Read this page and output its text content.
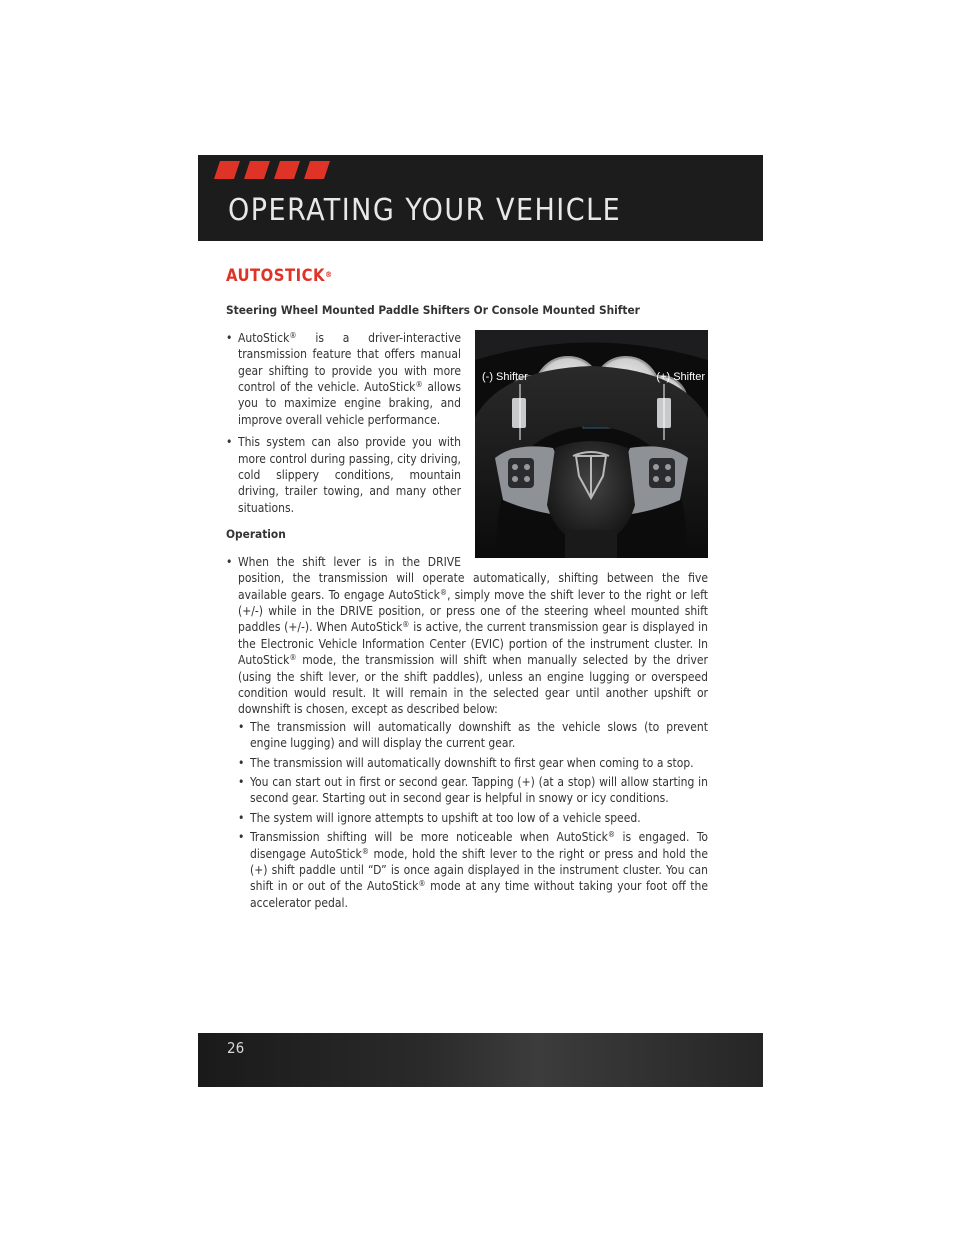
OPERATING YOUR VEHICLE
AUTOSTICK®

Steering Wheel Mounted Paddle Shifters Or Console Mounted Shifter

(-) Shifter	(+) Shifter
• AutoStick® is a driver-interactive transmission feature that offers manual gear shifting to provide you with more control of the vehicle. AutoStick® allows you to maximize engine braking, and improve overall vehicle performance.
• This system can also provide you with more control during passing, city driving, cold slippery conditions, mountain driving, trailer towing, and many other situations.

Operation

• When the shift lever is in the DRIVE position, the transmission will operate automatically, shifting between the five available gears. To engage AutoStick®, simply move the shift lever to the right or left (+/-) while in the DRIVE position, or press one of the steering wheel mounted shift paddles (+/-). When AutoStick® is active, the current transmission gear is displayed in the Electronic Vehicle Information Center (EVIC) portion of the instrument cluster. In AutoStick® mode, the transmission will shift when manually selected by the driver (using the shift lever, or the shift paddles), unless an engine lugging or overspeed condition would result. It will remain in the selected gear until another upshift or downshift is chosen, except as described below:
• The transmission will automatically downshift as the vehicle slows (to prevent engine lugging) and will display the current gear.
• The transmission will automatically downshift to first gear when coming to a stop.
• You can start out in first or second gear. Tapping (+) (at a stop) will allow starting in second gear. Starting out in second gear is helpful in snowy or icy conditions.
• The system will ignore attempts to upshift at too low of a vehicle speed.
• Transmission shifting will be more noticeable when AutoStick® is engaged. To disengage AutoStick® mode, hold the shift lever to the right or press and hold the (+) shift paddle until “D” is once again displayed in the instrument cluster. You can shift in or out of the AutoStick® mode at any time without taking your foot off the accelerator pedal.
26
